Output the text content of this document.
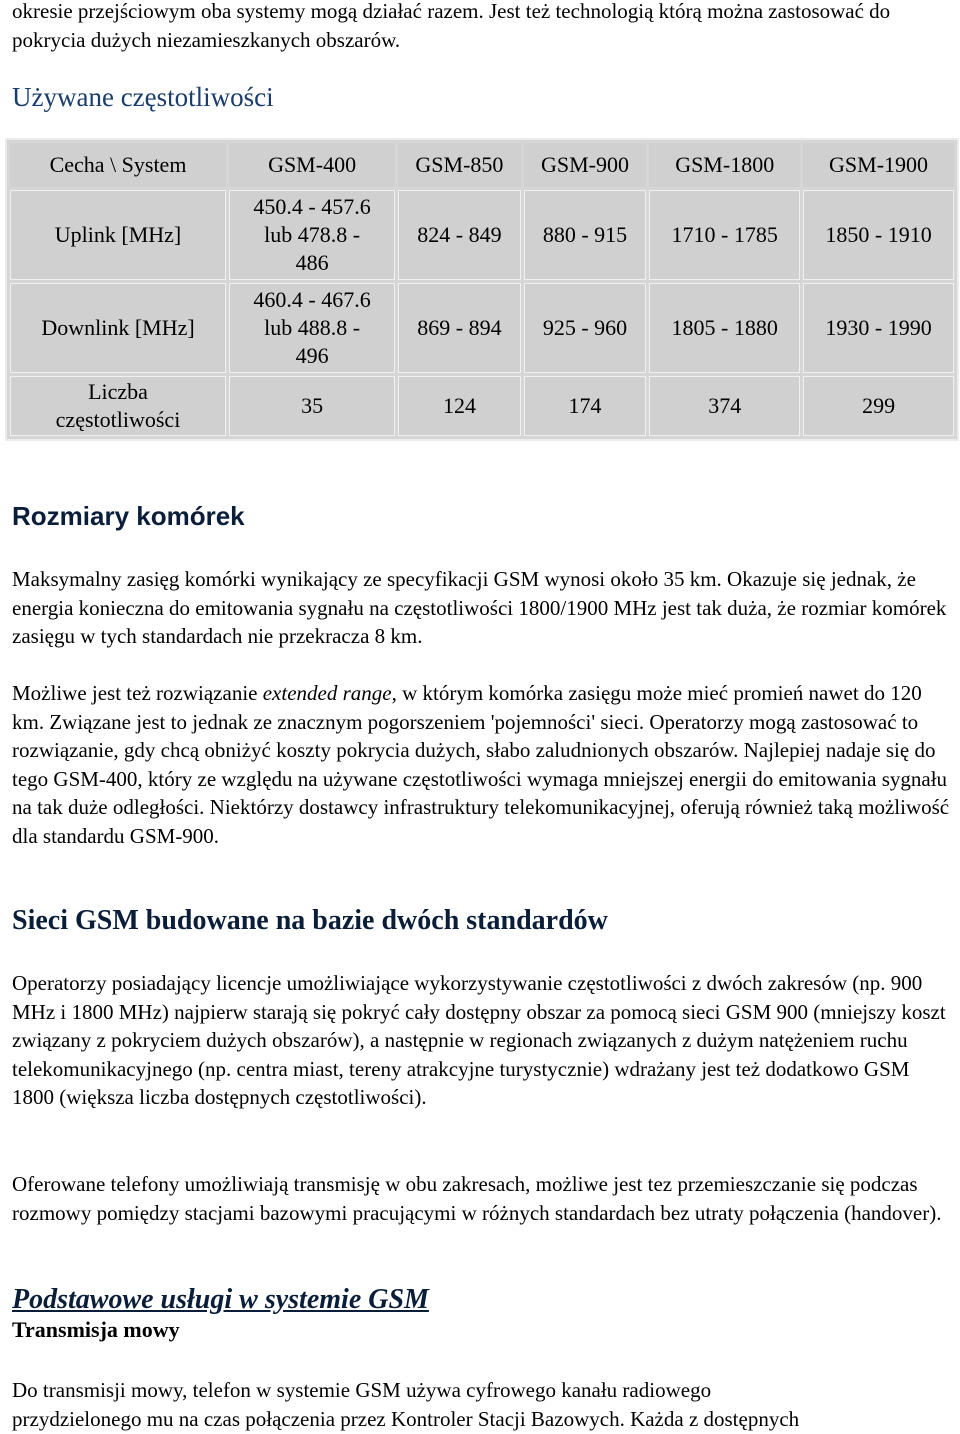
okresie przejściowym oba systemy mogą działać razem. Jest też technologią którą można zastosować do pokrycia dużych niezamieszkanych obszarów.

Używane częstotliwości
Cecha \ System	GSM-400	GSM-850	GSM-900	GSM-1800	GSM-1900
Uplink [MHz]	450.4 - 457.6
lub 478.8 -
486	824 - 849	880 - 915	1710 - 1785	1850 - 1910
Downlink [MHz]	460.4 - 467.6
lub 488.8 -
496	869 - 894	925 - 960	1805 - 1880	1930 - 1990
Liczba
częstotliwości	35	124	174	374	299
Rozmiary komórek

Maksymalny zasięg komórki wynikający ze specyfikacji GSM wynosi około 35 km. Okazuje się jednak, że energia konieczna do emitowania sygnału na częstotliwości 1800/1900 MHz jest tak duża, że rozmiar komórek zasięgu w tych standardach nie przekracza 8 km.

Możliwe jest też rozwiązanie extended range, w którym komórka zasięgu może mieć promień nawet do 120 km. Związane jest to jednak ze znacznym pogorszeniem 'pojemności' sieci. Operatorzy mogą zastosować to rozwiązanie, gdy chcą obniżyć koszty pokrycia dużych, słabo zaludnionych obszarów. Najlepiej nadaje się do tego GSM-400, który ze względu na używane częstotliwości wymaga mniejszej energii do emitowania sygnału na tak duże odległości. Niektórzy dostawcy infrastruktury telekomunikacyjnej, oferują również taką możliwość dla standardu GSM-900.

Sieci GSM budowane na bazie dwóch standardów

Operatorzy posiadający licencje umożliwiające wykorzystywanie częstotliwości z dwóch zakresów (np. 900 MHz i 1800 MHz) najpierw starają się pokryć cały dostępny obszar za pomocą sieci GSM 900 (mniejszy koszt związany z pokryciem dużych obszarów), a następnie w regionach związanych z dużym natężeniem ruchu telekomunikacyjnego (np. centra miast, tereny atrakcyjne turystycznie) wdrażany jest też dodatkowo GSM 1800 (większa liczba dostępnych częstotliwości).

Oferowane telefony umożliwiają transmisję w obu zakresach, możliwe jest tez przemieszczanie się podczas rozmowy pomiędzy stacjami bazowymi pracującymi w różnych standardach bez utraty połączenia (handover).

Podstawowe usługi w systemie GSM
Transmisja mowy

Do transmisji mowy, telefon w systemie GSM używa cyfrowego kanału radiowego
przydzielonego mu na czas połączenia przez Kontroler Stacji Bazowych. Każda z dostępnych
